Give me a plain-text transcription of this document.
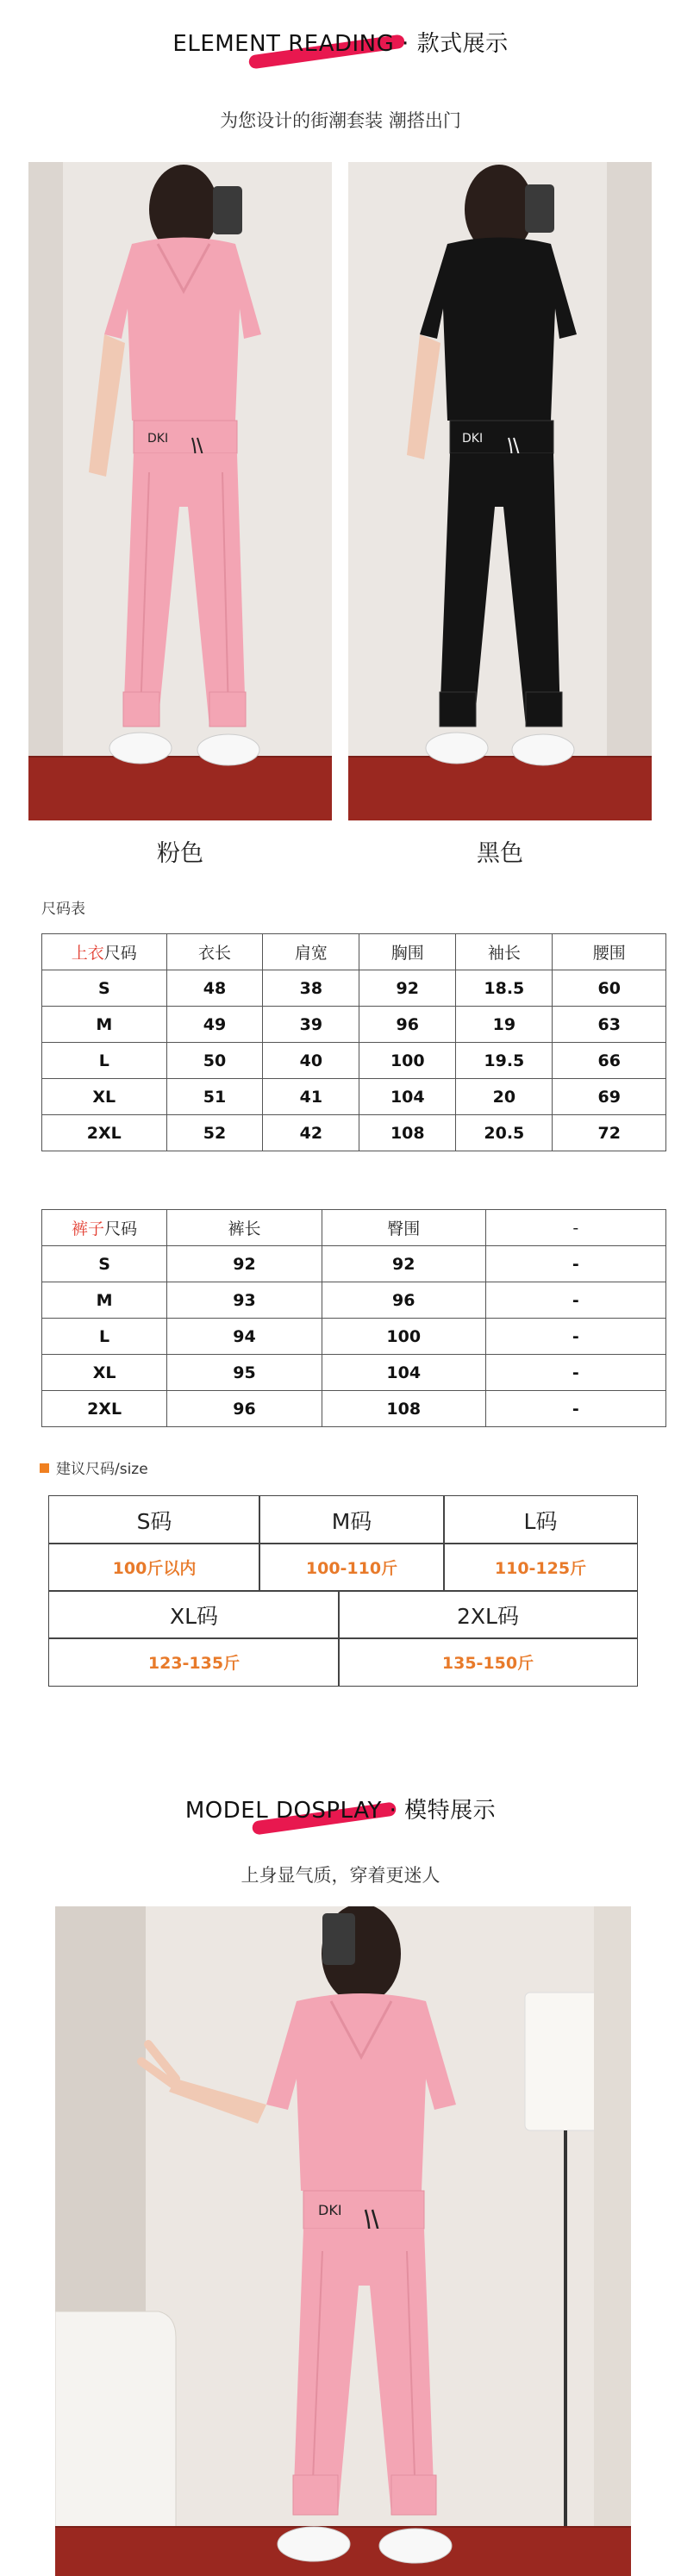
ELEMENT READING · 款式展示
为您设计的街潮套装 潮搭出门
DKI	DKI
粉色	黑色
尺码表
上衣尺码	衣长	肩宽	胸围	袖长	腰围
S	48	38	92	18.5	60
M	49	39	96	19	63
L	50	40	100	19.5	66
XL	51	41	104	20	69
2XL	52	42	108	20.5	72
裤子尺码	裤长	臀围	-
S	92	92	-
M	93	96	-
L	94	100	-
XL	95	104	-
2XL	96	108	-
建议尺码/size
S码	M码	L码
100斤以内	100-110斤	110-125斤
XL码	2XL码
123-135斤	135-150斤
MODEL DOSPLAY · 模特展示
上身显气质，穿着更迷人
DKI
